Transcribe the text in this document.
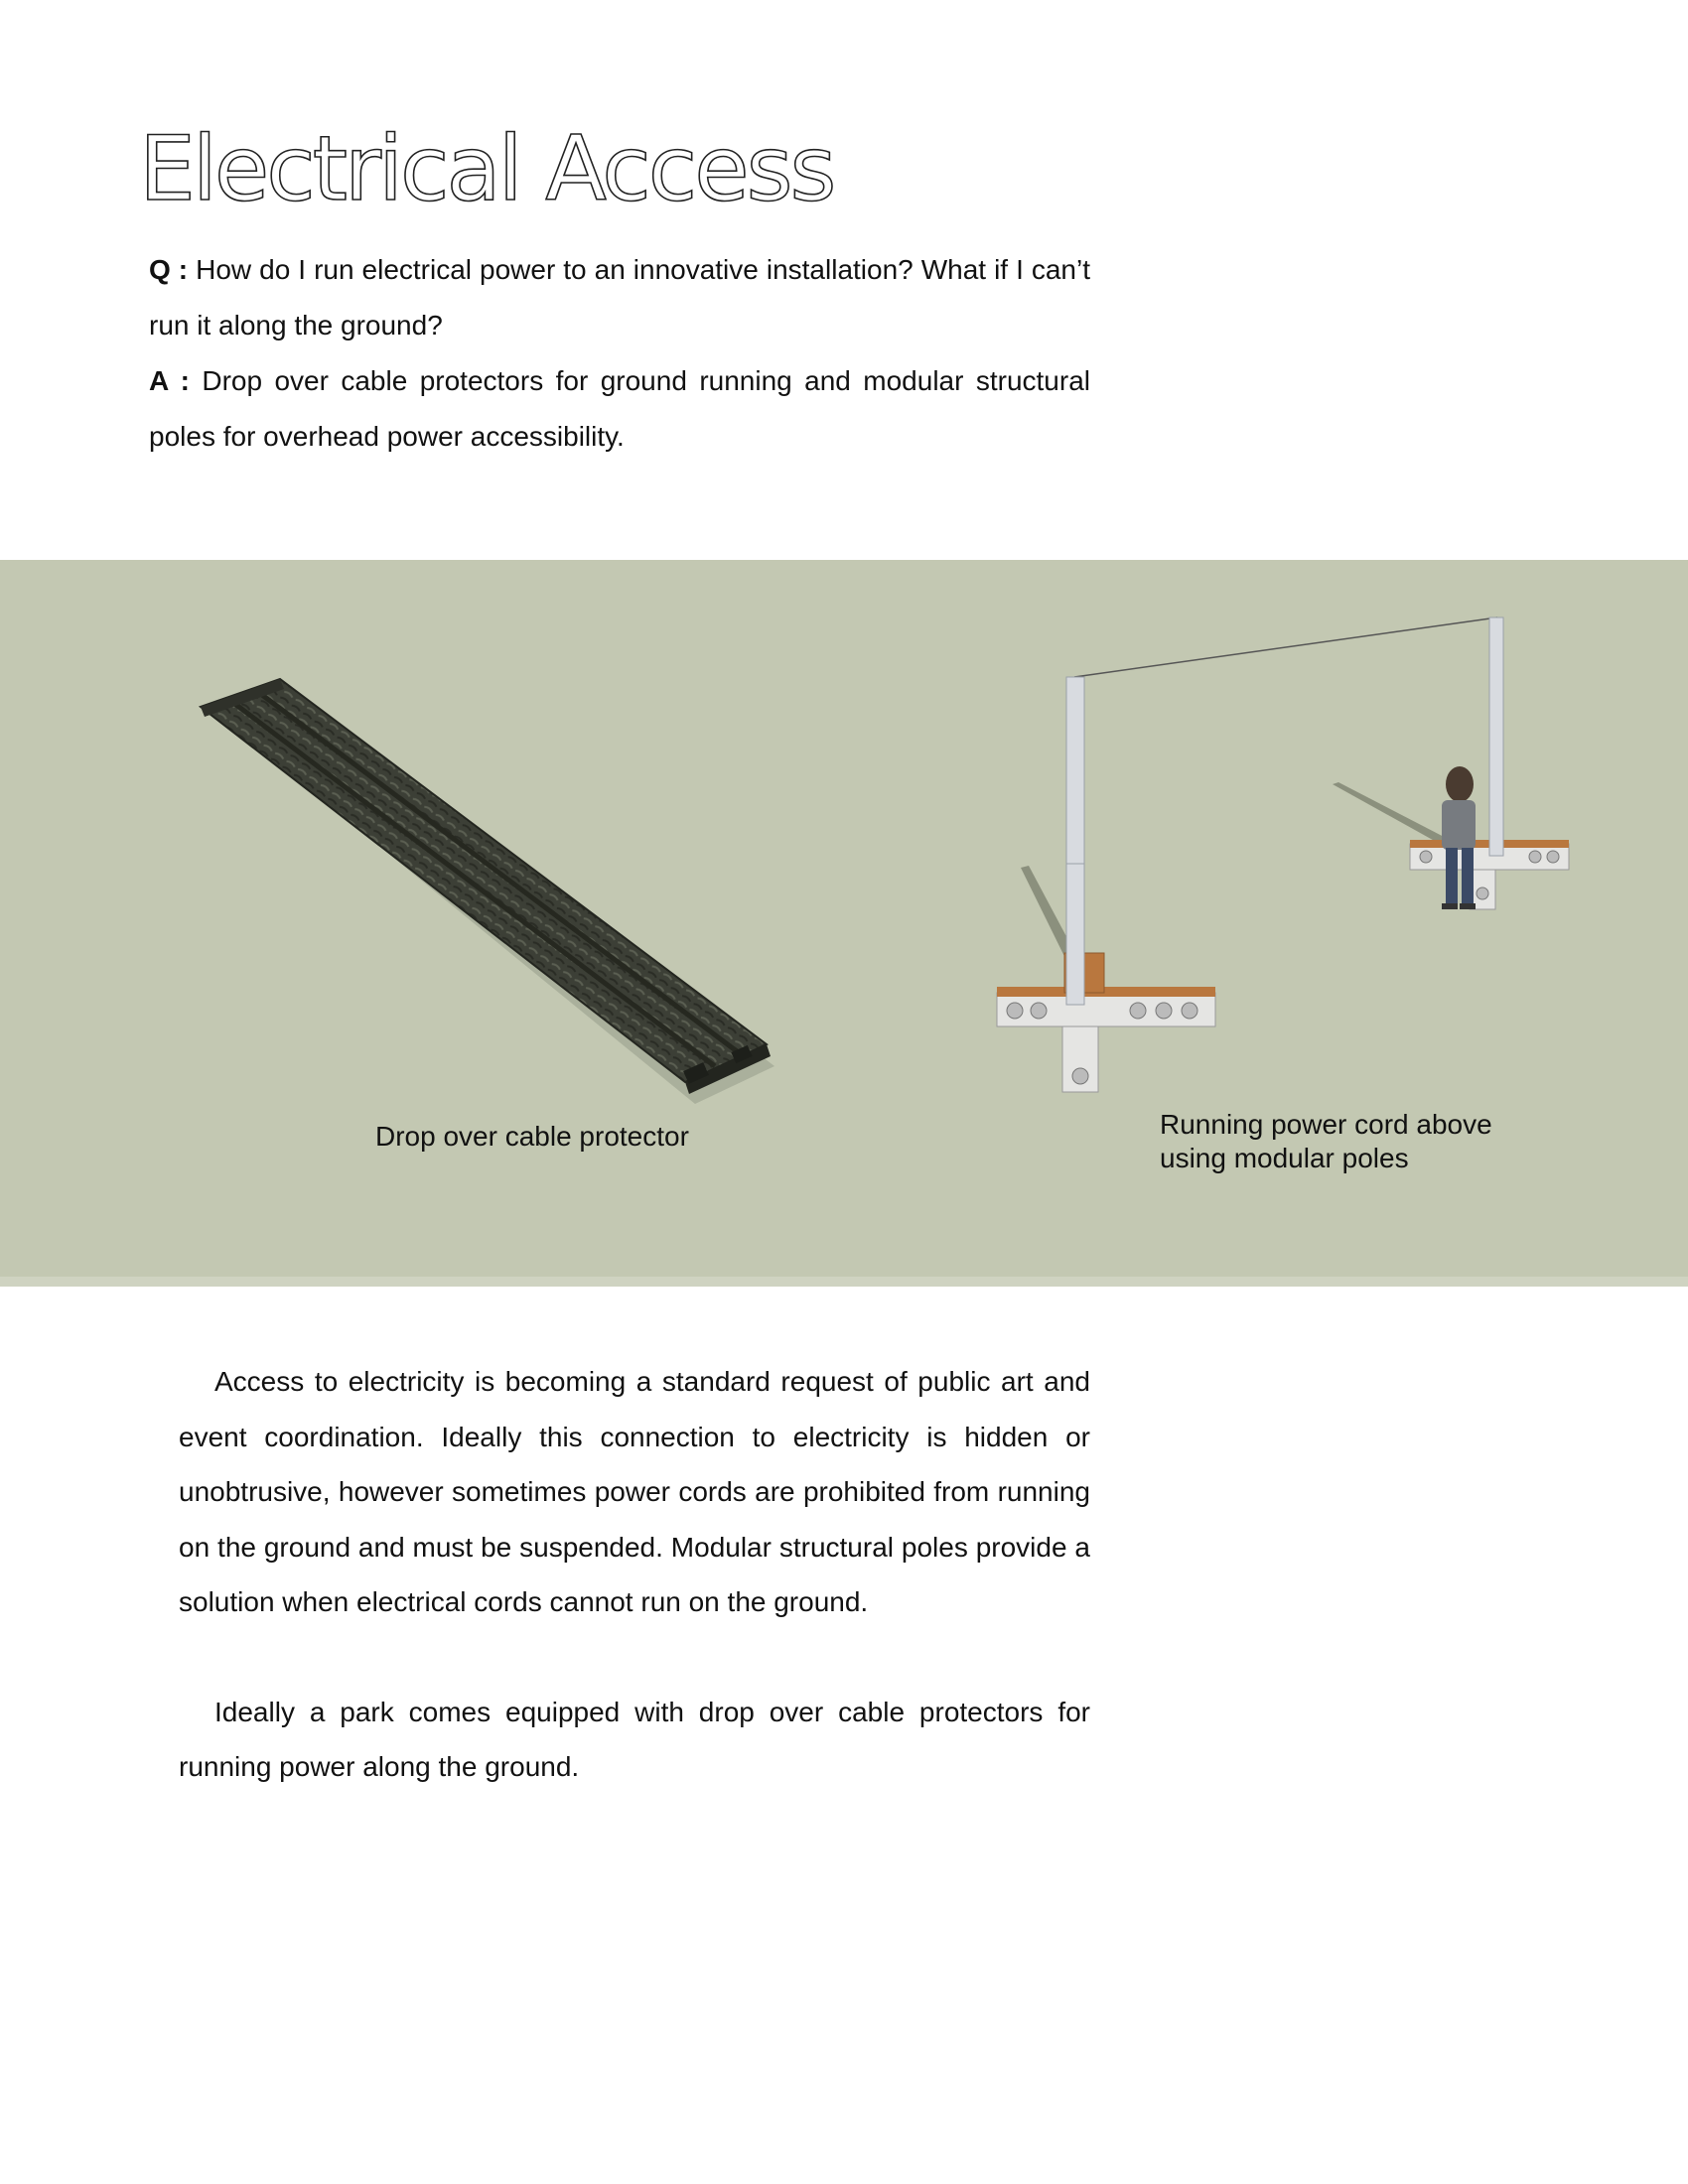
Electrical Access

Q : How do I run electrical power to an innovative installation? What if I can’t run it along the ground?

A : Drop over cable protectors for ground running and modular structural poles for overhead power accessibility.

Drop over cable protector	Running power cord above using modular poles

Access to electricity is becoming a standard request of public art and event coordination. Ideally this connection to electricity is hidden or unobtrusive, however sometimes power cords are prohibited from running on the ground and must be suspended. Modular structural poles provide a solution when electrical cords cannot run on the ground.

Ideally a park comes equipped with drop over cable protectors for running power along the ground.
